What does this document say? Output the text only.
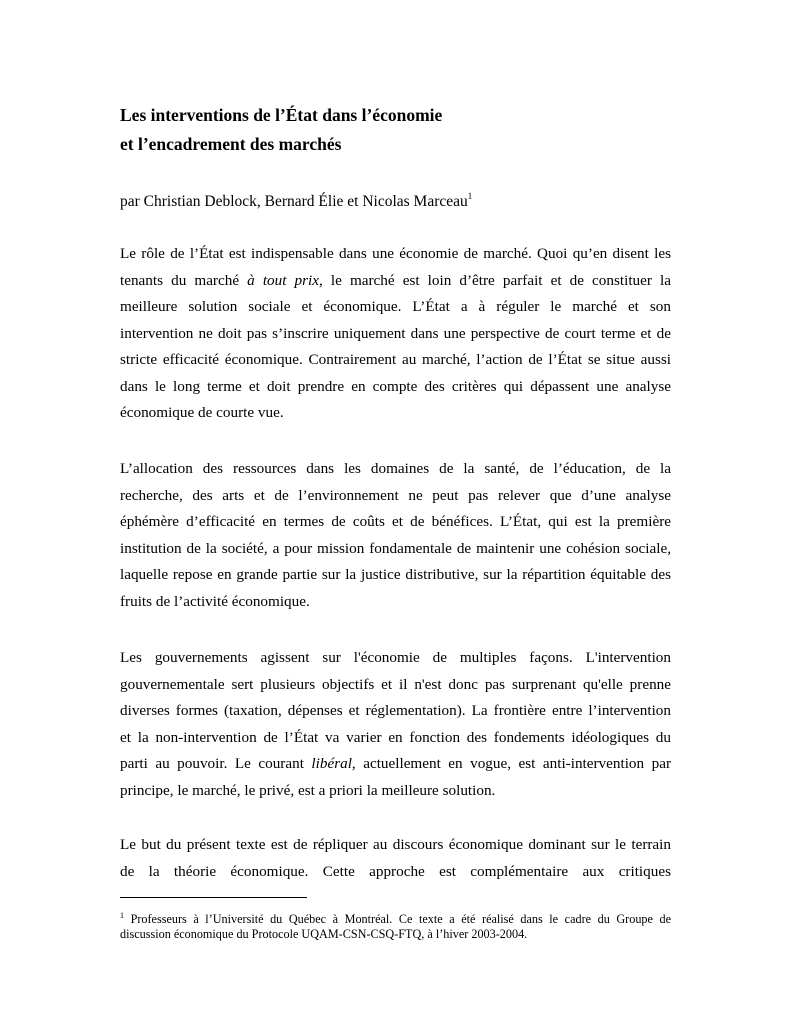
Les interventions de l’État dans l’économie
et l’encadrement des marchés
par Christian Deblock, Bernard Élie et Nicolas Marceau$^1$
Le rôle de l’État est indispensable dans une économie de marché. Quoi qu’en disent les
tenants du marché à tout prix, le marché est loin d’être parfait et de constituer la
meilleure solution sociale et économique. L’État a à réguler le marché et son
intervention ne doit pas s’inscrire uniquement dans une perspective de court terme et de
stricte efficacité économique. Contrairement au marché, l’action de l’État se situe aussi
dans le long terme et doit prendre en compte des critères qui dépassent une analyse
économique de courte vue.
L’allocation des ressources dans les domaines de la santé, de l’éducation, de la
recherche, des arts et de l’environnement ne peut pas relever que d’une analyse
éphémère d’efficacité en termes de coûts et de bénéfices. L’État, qui est la première
institution de la société, a pour mission fondamentale de maintenir une cohésion sociale,
laquelle repose en grande partie sur la justice distributive, sur la répartition équitable des
fruits de l’activité économique.
Les gouvernements agissent sur l'économie de multiples façons. L'intervention
gouvernementale sert plusieurs objectifs et il n'est donc pas surprenant qu'elle prenne
diverses formes (taxation, dépenses et réglementation). La frontière entre l’intervention
et la non-intervention de l’État va varier en fonction des fondements idéologiques du
parti au pouvoir. Le courant libéral, actuellement en vogue, est anti-intervention par
principe, le marché, le privé, est a priori la meilleure solution.
Le but du présent texte est de répliquer au discours économique dominant sur le terrain
de la théorie économique. Cette approche est complémentaire aux critiques
$^1$ Professeurs à l’Université du Québec à Montréal. Ce texte a été réalisé dans le cadre du Groupe de
discussion économique du Protocole UQAM-CSN-CSQ-FTQ, à l’hiver 2003-2004.
